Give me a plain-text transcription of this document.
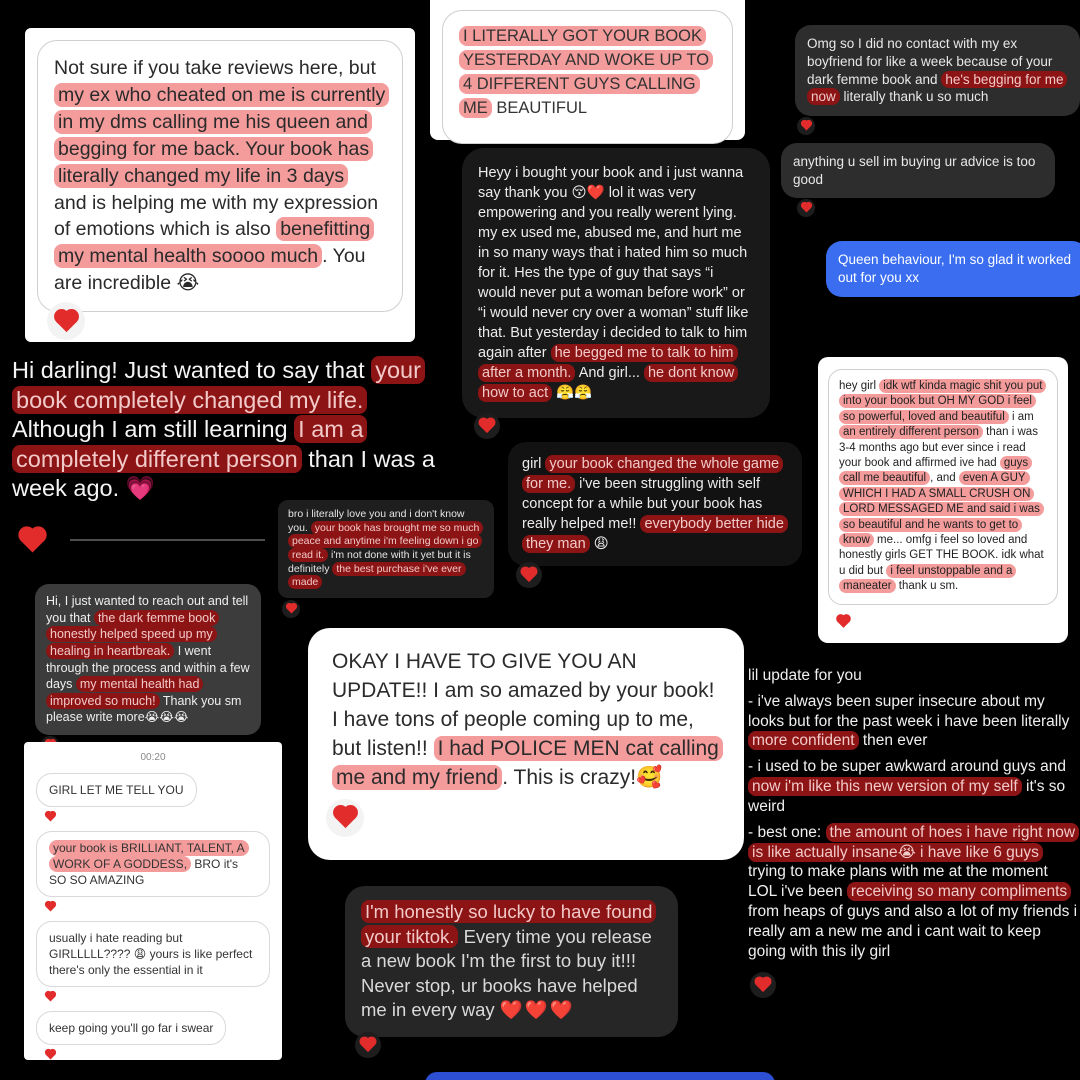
Not sure if you take reviews here, but my ex who cheated on me is currently in my dms calling me his queen and begging for me back. Your book has literally changed my life in 3 days and is helping me with my expression of emotions which is also benefitting my mental health soooo much . You are incredible 😭
I LITERALLY GOT YOUR BOOK YESTERDAY AND WOKE UP TO 4 DIFFERENT GUYS CALLING ME BEAUTIFUL
Omg so I did no contact with my ex boyfriend for like a week because of your dark femme book and he's begging for me now literally thank u so much
anything u sell im buying ur advice is too good
Queen behaviour, I'm so glad it worked out for you xx
Heyy i bought your book and i just wanna say thank you 😚❤️ lol it was very empowering and you really werent lying. my ex used me, abused me, and hurt me in so many ways that i hated him so much for it. Hes the type of guy that says “i would never put a woman before work” or “i would never cry over a woman” stuff like that. But yesterday i decided to talk to him again after he begged me to talk to him after a month. And girl... he dont know how to act 😤😤
Hi darling! Just wanted to say that your book completely changed my life. Although I am still learning I am a completely different person than I was a week ago. 💗
bro i literally love you and i don't know you. your book has brought me so much peace and anytime i'm feeling down i go read it. i'm not done with it yet but it is definitely the best purchase i've ever made
girl your book changed the whole game for me. i've been struggling with self concept for a while but your book has really helped me!! everybody better hide they man 😩
hey girl idk wtf kinda magic shit you put into your book but OH MY GOD i feel so powerful, loved and beautiful i am an entirely different person than i was 3-4 months ago but ever since i read your book and affirmed ive had guys call me beautiful , and even A GUY WHICH I HAD A SMALL CRUSH ON LORD MESSAGED ME and said i was so beautiful and he wants to get to know me... omfg i feel so loved and honestly girls GET THE BOOK. idk what u did but i feel unstoppable and a maneater thank u sm.
Hi, I just wanted to reach out and tell you that the dark femme book honestly helped speed up my healing in heartbreak. I went through the process and within a few days my mental health had improved so much! Thank you sm please write more😭😭😭
00:20
GIRL LET ME TELL YOU
your book is BRILLIANT, TALENT, A WORK OF A GODDESS, BRO it's SO SO AMAZING
usually i hate reading but GIRLLLLL???? 😩 yours is like perfect there's only the essential in it
keep going you'll go far i swear
OKAY I HAVE TO GIVE YOU AN UPDATE!! I am so amazed by your book! I have tons of people coming up to me, but listen!! I had POLICE MEN cat calling me and my friend . This is crazy!🥰
I'm honestly so lucky to have found your tiktok. Every time you release a new book I'm the first to buy it!!! Never stop, ur books have helped me in every way ❤️❤️❤️

lil update for you

- i've always been super insecure about my looks but for the past week i have been literally more confident then ever

- i used to be super awkward around guys and now i'm like this new version of my self it's so weird

- best one: the amount of hoes i have right now is like actually insane😭 i have like 6 guys trying to make plans with me at the moment LOL i've been receiving so many compliments from heaps of guys and also a lot of my friends i really am a new me and i cant wait to keep going with this ily girl
